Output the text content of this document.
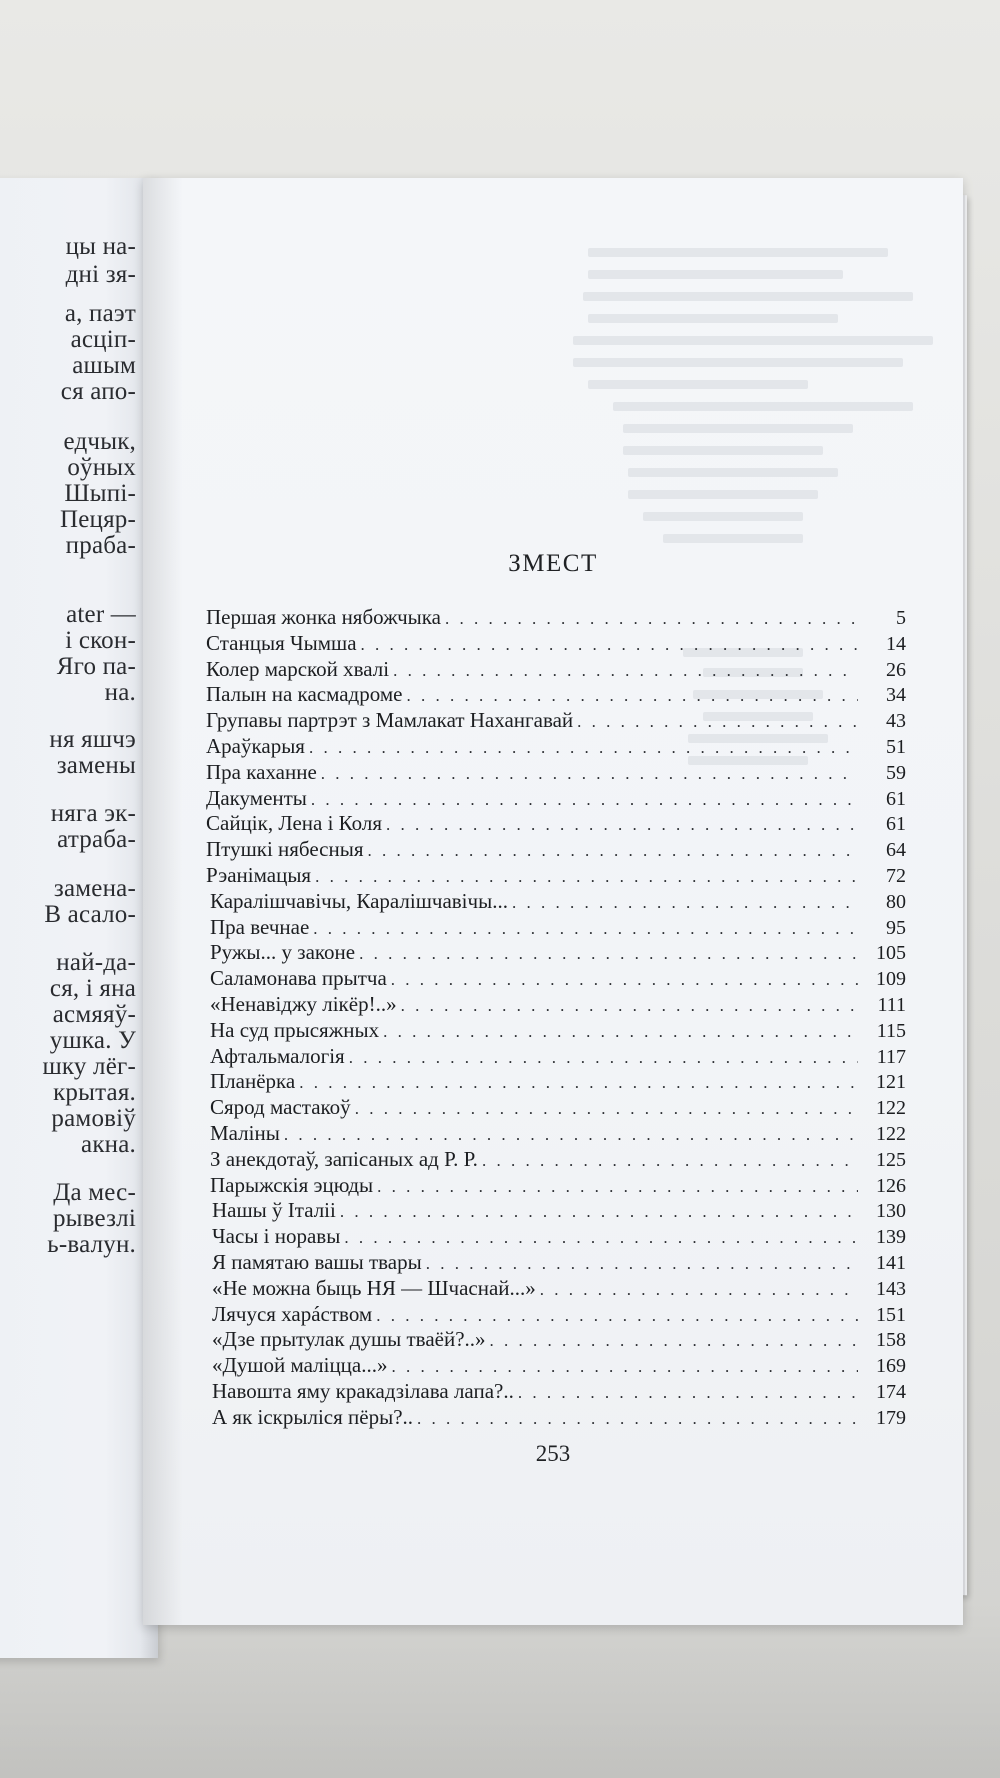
цы на-
дні зя-
а, паэт
асціп-
ашым
ся апо-
едчык,
оўных
Шыпі-
Пецяр-
праба-
ater —
і скон-
Яго па-
на.
ня яшчэ
замены
няга эк-
атраба-
замена-
В асало-
най-да-
ся, і яна
асмяяў-
ушка. У
шку лёг-
крытая.
рамовіў
акна.
Да мес-
рывезлі
ь-валун.
ЗМЕСТ
Першая жонка нябожчыка . . .	5
Станцыя Чымша . . .	14
Колер марской хвалі . . .	26
Палын на касмадроме . . .	34
Групавы партрэт з Мамлакат Нахангавай . . .	43
Араўкарыя . . .	51
Пра каханне . . .	59
Дакументы . . .	61
Сайцік, Лена і Коля . . .	61
Птушкі нябесныя . . .	64
Рэанімацыя . . .	72
Каралішчавічы, Каралішчавічы... . . .	80
Пра вечнае . . .	95
Ружы... у законе . . .	105
Саламонава прытча . . .	109
«Ненавіджу лікёр!..» . . .	111
На суд прысяжных . . .	115
Афтальмалогія . . .	117
Планёрка . . .	121
Сярод мастакоў . . .	122
Маліны . . .	122
З анекдотаў, запісаных ад Р. Р. . . .	125
Парыжскія эцюды . . .	126
Нашы ў Італіі . . .	130
Часы і норавы . . .	139
Я памятаю вашы твары . . .	141
«Не можна быць НЯ — Шчаснай...» . . .	143
Лячуся харáством . . .	151
«Дзе прытулак душы тваёй?..» . . .	158
«Душой маліцца...» . . .	169
Навошта яму кракадзілава лапа?.. . . .	174
А як іскрыліся пёры?.. . . .	179
253
